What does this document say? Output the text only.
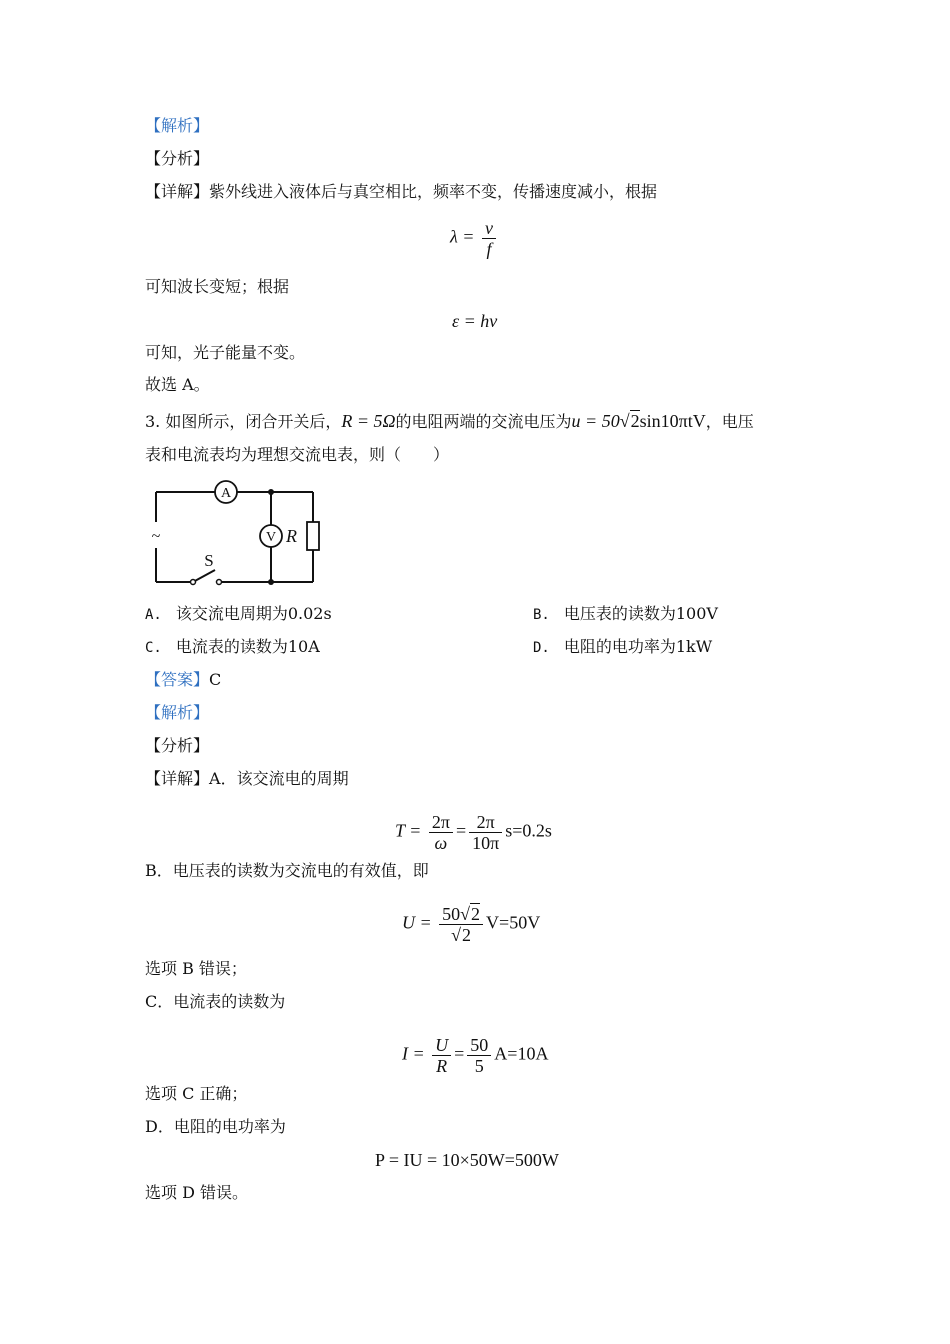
【解析】
【分析】
【详解】紫外线进入液体后与真空相比，频率不变，传播速度减小，根据
$\lambda = \frac{v}{f}$
可知波长变短；根据
ε = hν
可知，光子能量不变。
故选 A。
3. 如图所示，闭合开关后，R = 5Ω的电阻两端的交流电压为u = 50√2sin10πtV，电压
表和电流表均为理想交流电表，则（　　）
A
V R
~
S
A. 该交流电周期为0.02s	B. 电压表的读数为100V
C. 电流表的读数为10A	D. 电阻的电功率为1kW
【答案】C
【解析】
【分析】
【详解】A．该交流电的周期
$T = \frac{2\pi}{\omega} = \frac{2\pi}{10\pi} s=0.2s$
B．电压表的读数为交流电的有效值，即
$U = \frac{50√2}{√2} V=50V$
选项 B 错误；
C．电流表的读数为
$I = \frac{U}{R} = \frac{50}{5} A=10A$
选项 C 正确；
D．电阻的电功率为
P = IU = 10×50W=500W
选项 D 错误。
